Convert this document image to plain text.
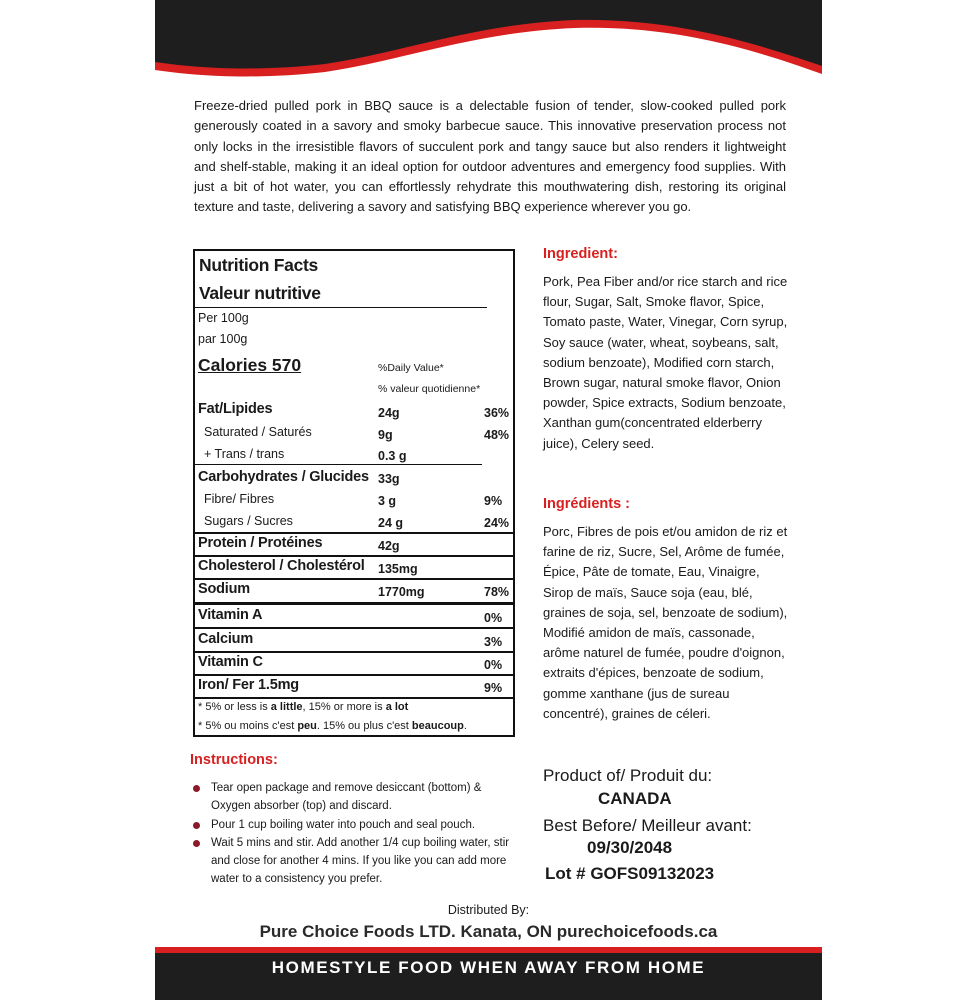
Freeze-dried pulled pork in BBQ sauce is a delectable fusion of tender, slow-cooked pulled pork generously coated in a savory and smoky barbecue sauce. This innovative preservation process not only locks in the irresistible flavors of succulent pork and tangy sauce but also renders it lightweight and shelf-stable, making it an ideal option for outdoor adventures and emergency food supplies. With just a bit of hot water, you can effortlessly rehydrate this mouthwatering dish, restoring its original texture and taste, delivering a savory and satisfying BBQ experience wherever you go.

Nutrition Facts
Valeur nutritive
Per 100g
par 100g
Calories 570	%Daily Value*
% valeur quotidienne*
Fat/Lipides	24g	36%
Saturated / Saturés	9g	48%
+ Trans / trans	0.3 g
Carbohydrates / Glucides 33g
Fibre/ Fibres	3 g	9%
Sugars / Sucres	24 g	24%
Protein / Protéines	42g
Cholesterol / Cholestérol 135mg
Sodium	1770mg	78%
Vitamin A	0%
Calcium	3%
Vitamin C	0%
Iron/ Fer 1.5mg	9%
* 5% or less is a little, 15% or more is a lot
* 5% ou moins c'est peu. 15% ou plus c'est beaucoup.
Ingredient:

Pork, Pea Fiber and/or rice starch and rice flour, Sugar, Salt, Smoke flavor, Spice, Tomato paste, Water, Vinegar, Corn syrup, Soy sauce (water, wheat, soybeans, salt, sodium benzoate), Modified corn starch, Brown sugar, natural smoke flavor, Onion powder, Spice extracts, Sodium benzoate, Xanthan gum(concentrated elderberry juice), Celery seed.

Ingrédients :

Porc, Fibres de pois et/ou amidon de riz et farine de riz, Sucre, Sel, Arôme de fumée, Épice, Pâte de tomate, Eau, Vinaigre, Sirop de maïs, Sauce soja (eau, blé, graines de soja, sel, benzoate de sodium), Modifié amidon de maïs, cassonade, arôme naturel de fumée, poudre d'oignon, extraits d'épices, benzoate de sodium, gomme xanthane (jus de sureau concentré), graines de céleri.

Instructions:
Tear open package and remove desiccant (bottom) & Oxygen absorber (top) and discard.
Pour 1 cup boiling water into pouch and seal pouch.
Wait 5 mins and stir. Add another 1/4 cup boiling water, stir and close for another 4 mins. If you like you can add more water to a consistency you prefer.
Product of/ Produit du:
CANADA
Best Before/ Meilleur avant:
09/30/2048
Lot # GOFS09132023
Distributed By:
Pure Choice Foods LTD. Kanata, ON purechoicefoods.ca
HOMESTYLE FOOD WHEN AWAY FROM HOME
